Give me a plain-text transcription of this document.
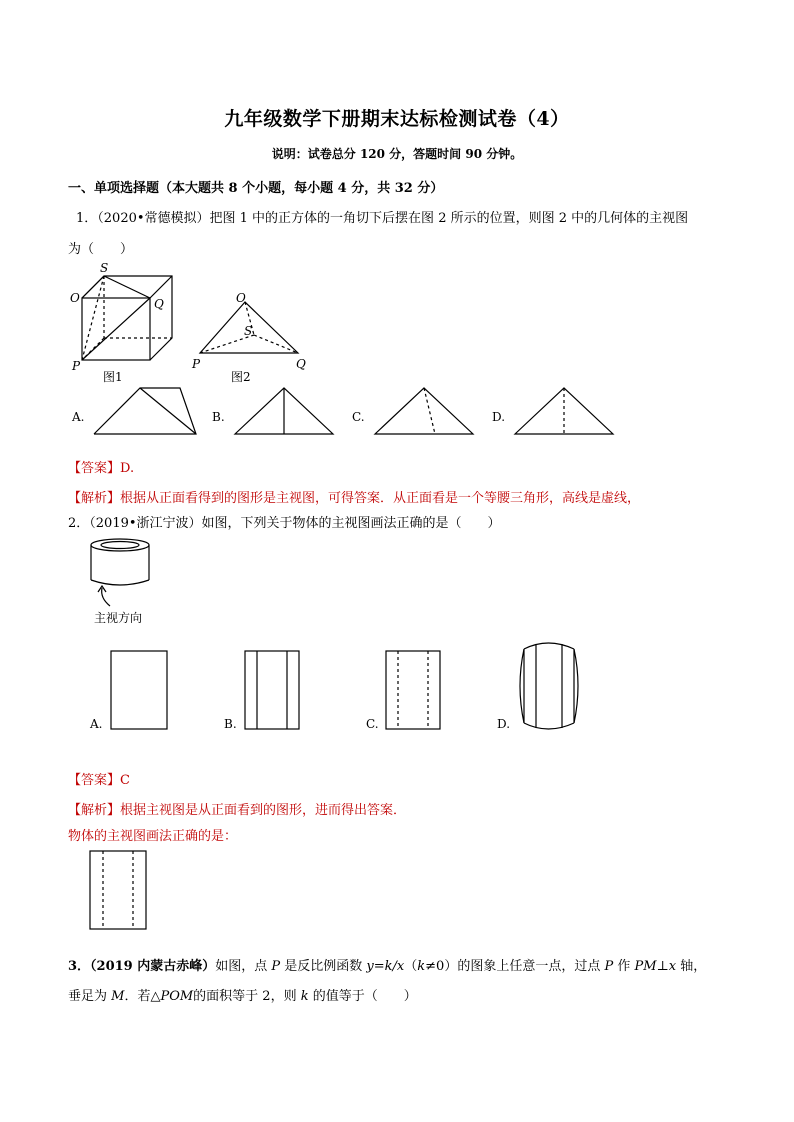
九年级数学下册期末达标检测试卷（4）
说明：试卷总分 120 分，答题时间 90 分钟。
一、单项选择题（本大题共 8 个小题，每小题 4 分，共 32 分）
1．（2020•常德模拟）把图 1 中的正方体的一角切下后摆在图 2 所示的位置，则图 2 中的几何体的主视图
为（　　）
S
O	Q
P
图1
O
S
P	Q
图2
A.	B.	C.	D.
【答案】D.
【解析】根据从正面看得到的图形是主视图，可得答案．从正面看是一个等腰三角形，高线是虚线，
2．（2019•浙江宁波）如图，下列关于物体的主视图画法正确的是（　　）
主视方向
A.	B.	C.	D.
【答案】C
【解析】根据主视图是从正面看到的图形，进而得出答案．
物体的主视图画法正确的是：
3．（2019 内蒙古赤峰）如图，点 P 是反比例函数 y=k/x（k≠0）的图象上任意一点，过点 P 作 PM⊥x 轴，
垂足为 M．若△POM的面积等于 2，则 k 的值等于（　　）
